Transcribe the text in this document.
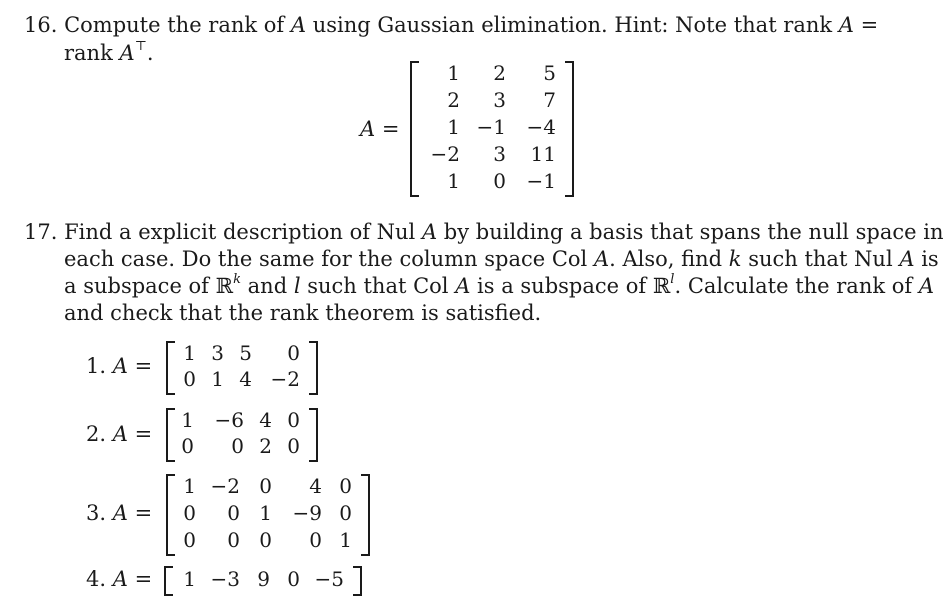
16. Compute the rank of A using Gaussian elimination. Hint: Note that rank A =
rank A⊤.
A =
1 2 5
2 3 7
1 −1 −4
−2 3 11
1 0 −1
17. Find a explicit description of Nul A by building a basis that spans the null space in
each case. Do the same for the column space Col A. Also, find k such that Nul A is
a subspace of ℝ$^k$ and l such that Col A is a subspace of ℝ$^l$. Calculate the rank of A
and check that the rank theorem is satisfied.
1. A =
1 3 5 0
0 1 4 −2
2. A =
1 −6 4 0
0 0 2 0
3. A =
1 −2 0 4 0
0 0 1 −9 0
0 0 0 0 1
4. A = 1 −3 9 0 −5
